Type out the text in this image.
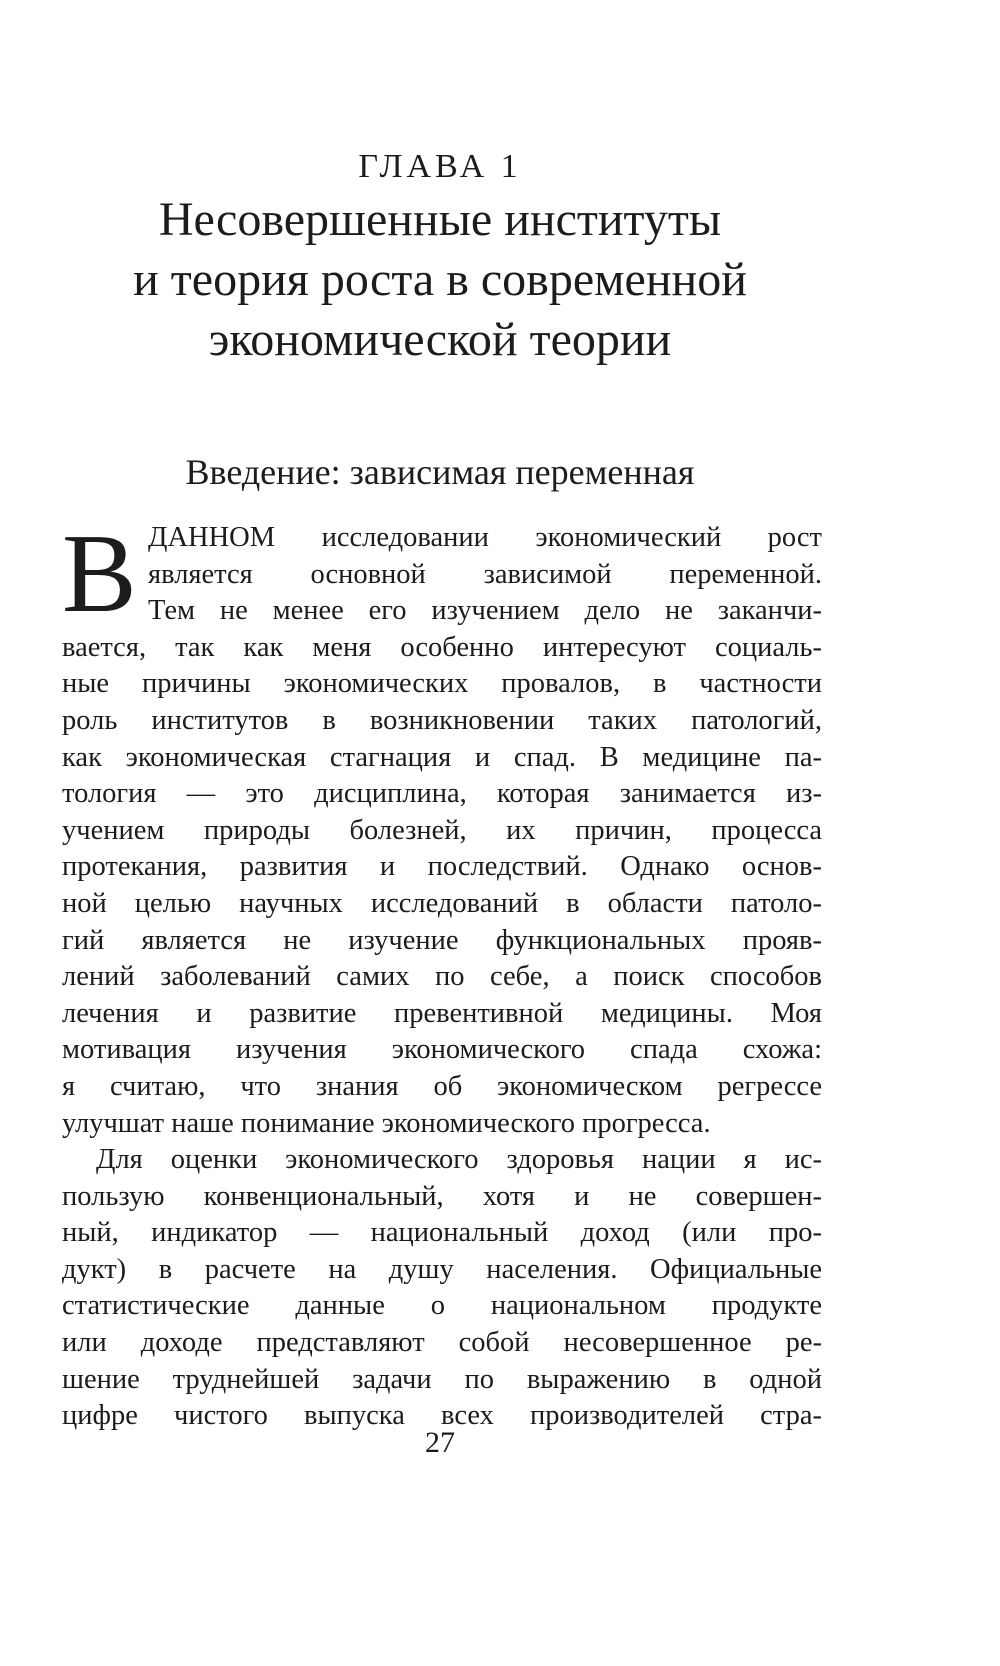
ГЛАВА 1
Несовершенные институты
и теория роста в современной
экономической теории
Введение: зависимая переменная
В ДАННОМ исследовании экономический рост
является основной зависимой переменной.
Тем не менее его изучением дело не заканчи-
вается, так как меня особенно интересуют социаль-
ные причины экономических провалов, в частности
роль институтов в возникновении таких патологий,
как экономическая стагнация и спад. В медицине па-
тология — это дисциплина, которая занимается из-
учением природы болезней, их причин, процесса
протекания, развития и последствий. Однако основ-
ной целью научных исследований в области патоло-
гий является не изучение функциональных прояв-
лений заболеваний самих по себе, а поиск способов
лечения и развитие превентивной медицины. Моя
мотивация изучения экономического спада схожа:
я считаю, что знания об экономическом регрессе
улучшат наше понимание экономического прогресса.
Для оценки экономического здоровья нации я ис-
пользую конвенциональный, хотя и не совершен-
ный, индикатор — национальный доход (или про-
дукт) в расчете на душу населения. Официальные
статистические данные о национальном продукте
или доходе представляют собой несовершенное ре-
шение труднейшей задачи по выражению в одной
цифре чистого выпуска всех производителей стра-
27
